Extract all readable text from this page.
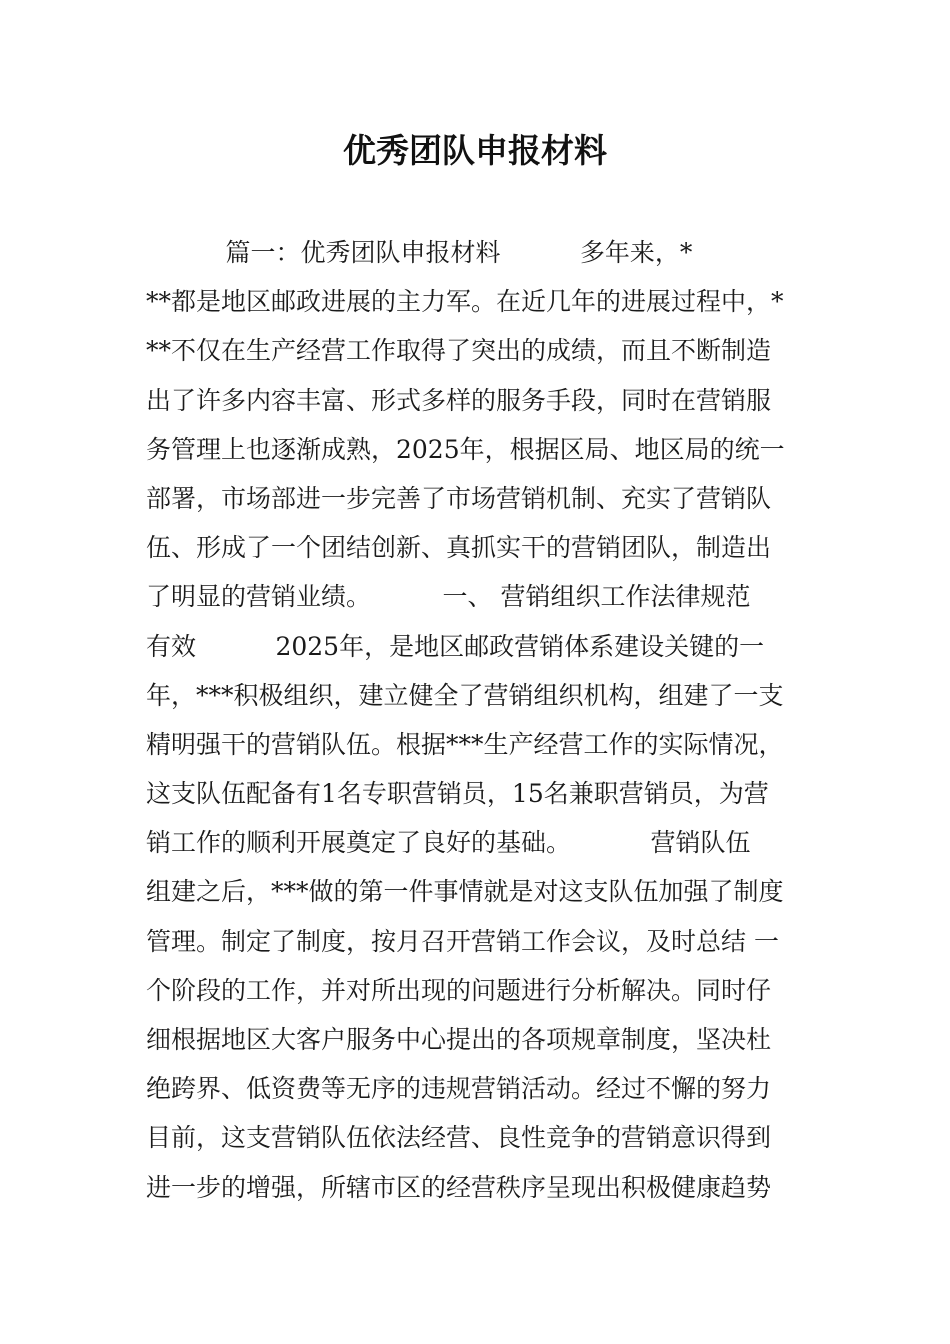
优秀团队申报材料
篇一：优秀团队申报材料          多年来，*
**都是地区邮政进展的主力军。在近几年的进展过程中，*
**不仅在生产经营工作取得了突出的成绩，而且不断制造
出了许多内容丰富、形式多样的服务手段，同时在营销服
务管理上也逐渐成熟，2025年，根据区局、地区局的统一
部署，市场部进一步完善了市场营销机制、充实了营销队
伍、形成了一个团结创新、真抓实干的营销团队，制造出
了明显的营销业绩。         一、 营销组织工作法律规范
有效          2025年，是地区邮政营销体系建设关键的一
年，***积极组织，建立健全了营销组织机构，组建了一支
精明强干的营销队伍。根据***生产经营工作的实际情况，
这支队伍配备有1名专职营销员，15名兼职营销员，为营
销工作的顺利开展奠定了良好的基础。          营销队伍
组建之后，***做的第一件事情就是对这支队伍加强了制度
管理。制定了制度，按月召开营销工作会议，及时总结 一
个阶段的工作，并对所出现的问题进行分析解决。同时仔
细根据地区大客户服务中心提出的各项规章制度，坚决杜
绝跨界、低资费等无序的违规营销活动。经过不懈的努力
目前，这支营销队伍依法经营、良性竞争的营销意识得到
进一步的增强，所辖市区的经营秩序呈现出积极健康趋势
